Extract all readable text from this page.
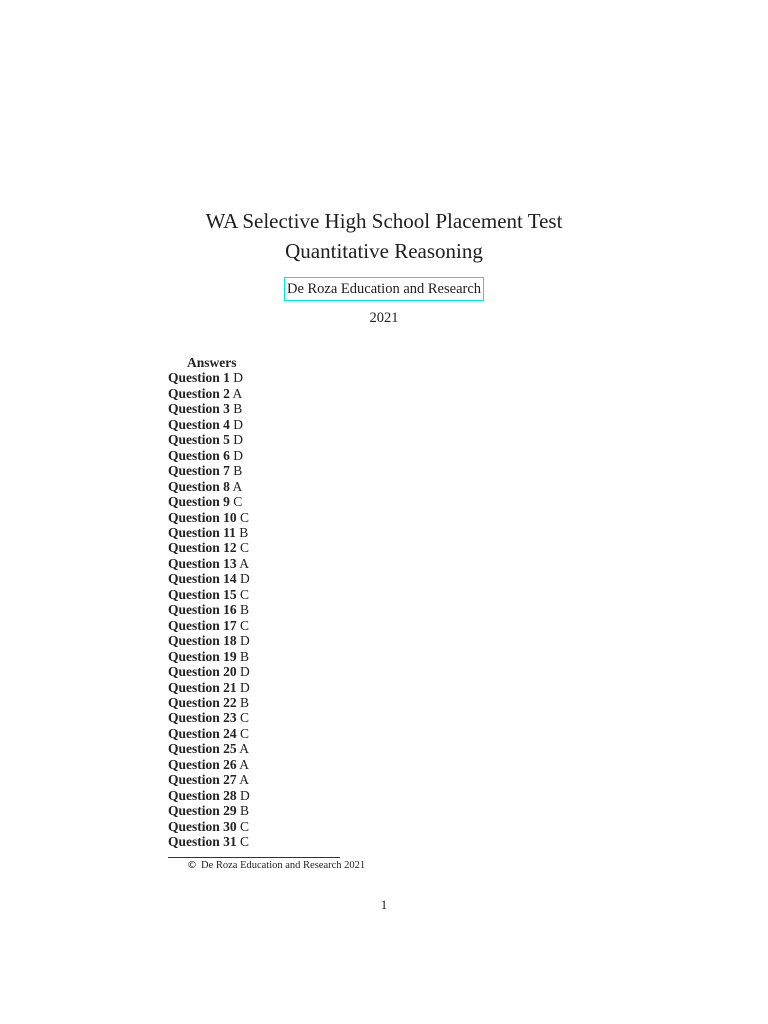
WA Selective High School Placement Test
Quantitative Reasoning
De Roza Education and Research
2021
Answers
Question 1 D
Question 2 A
Question 3 B
Question 4 D
Question 5 D
Question 6 D
Question 7 B
Question 8 A
Question 9 C
Question 10 C
Question 11 B
Question 12 C
Question 13 A
Question 14 D
Question 15 C
Question 16 B
Question 17 C
Question 18 D
Question 19 B
Question 20 D
Question 21 D
Question 22 B
Question 23 C
Question 24 C
Question 25 A
Question 26 A
Question 27 A
Question 28 D
Question 29 B
Question 30 C
Question 31 C
© De Roza Education and Research 2021
1
